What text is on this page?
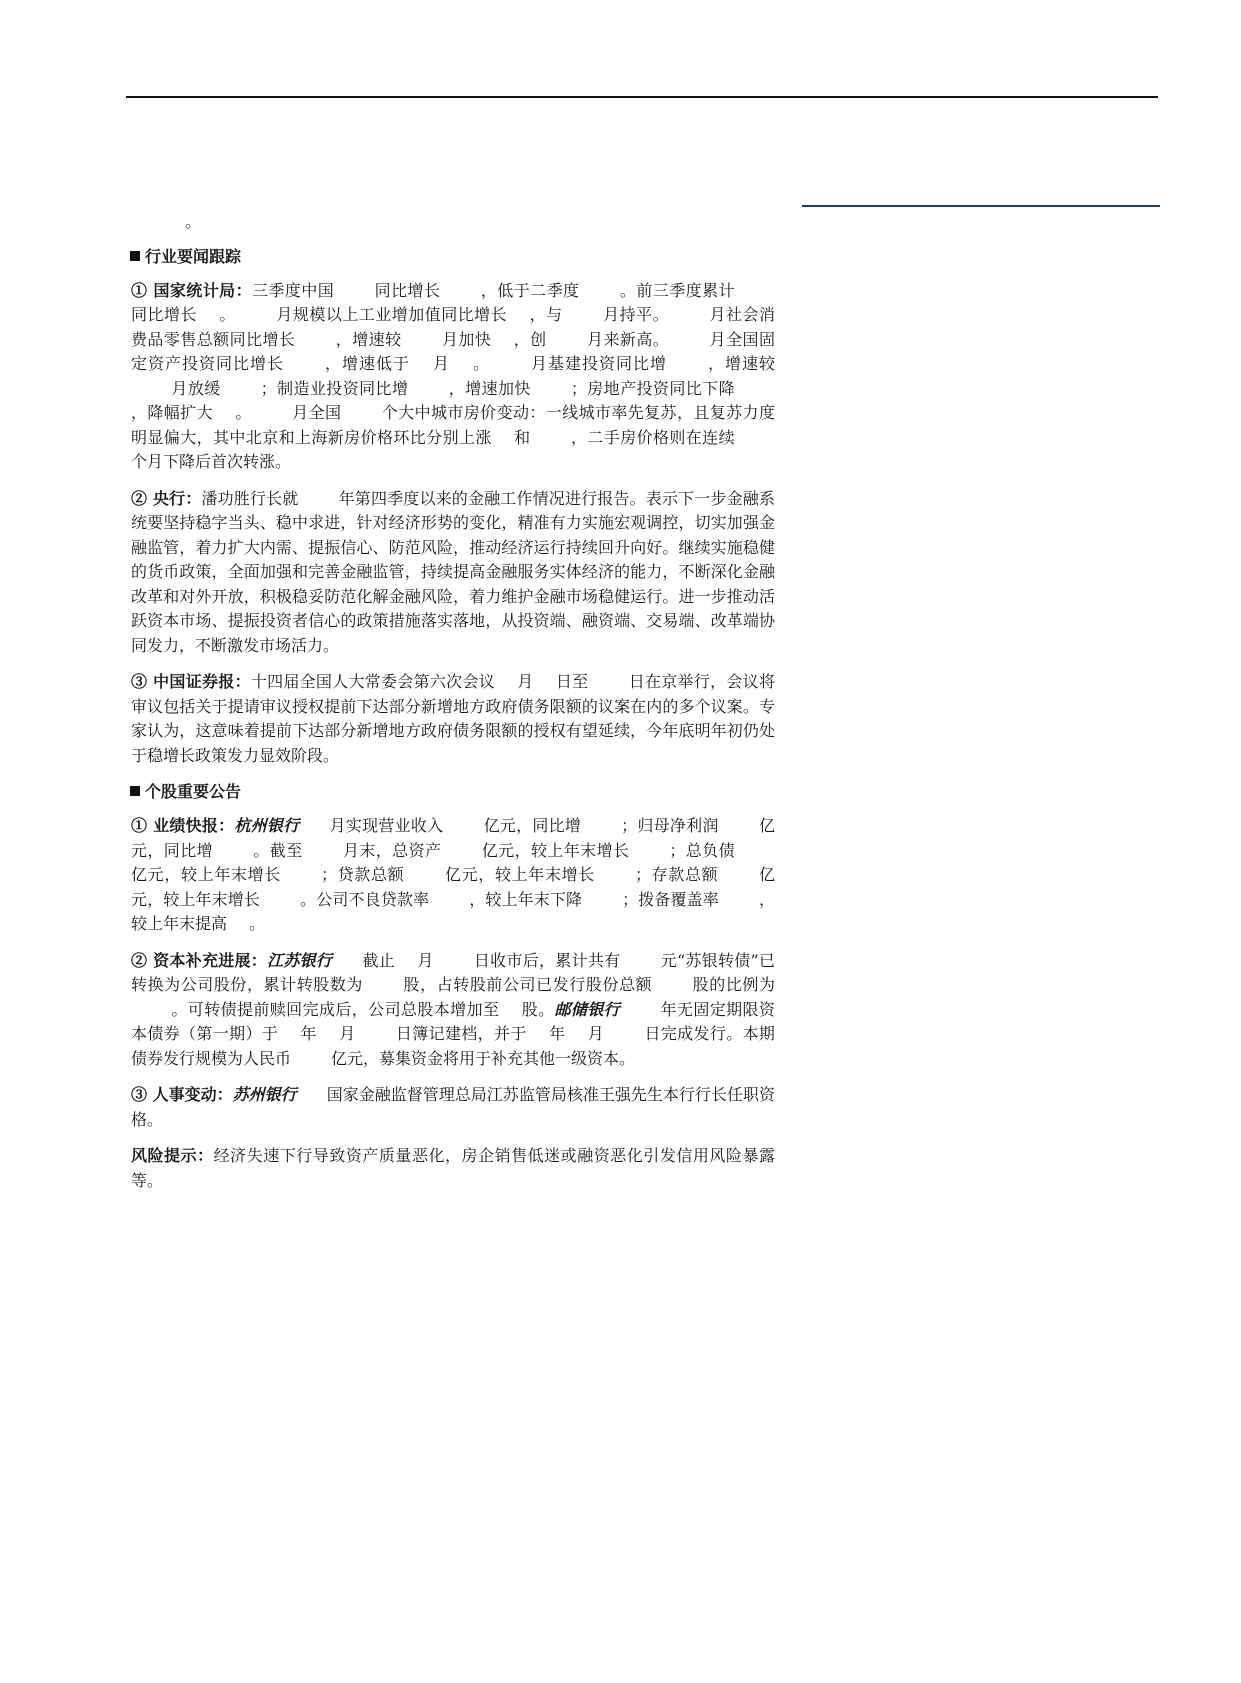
。

行业要闻跟踪

① 国家统计局：三季度中国	同比增长	，低于二季度	。前三季度累计同比增长 。	月规模以上工业增加值同比增长 ，与	月持平。	月社会消费品零售总额同比增长	，增速较	月加快 ，创	月来新高。	月全国固定资产投资同比增长	，增速低于 月 。	月基建投资同比增	，增速较月放缓	；制造业投资同比增	，增速加快	；房地产投资同比下降，降幅扩大 。	月全国	个大中城市房价变动：一线城市率先复苏，且复苏力度明显偏大，其中北京和上海新房价格环比分别上涨 和	，二手房价格则在连续个月下降后首次转涨。

② 央行：潘功胜行长就	年第四季度以来的金融工作情况进行报告。表示下一步金融系统要坚持稳字当头、稳中求进，针对经济形势的变化，精准有力实施宏观调控，切实加强金融监管，着力扩大内需、提振信心、防范风险，推动经济运行持续回升向好。继续实施稳健的货币政策，全面加强和完善金融监管，持续提高金融服务实体经济的能力，不断深化金融改革和对外开放，积极稳妥防范化解金融风险，着力维护金融市场稳健运行。进一步推动活跃资本市场、提振投资者信心的政策措施落实落地，从投资端、融资端、交易端、改革端协同发力，不断激发市场活力。

③ 中国证券报：十四届全国人大常委会第六次会议 月 日至	日在京举行，会议将审议包括关于提请审议授权提前下达部分新增地方政府债务限额的议案在内的多个议案。专家认为，这意味着提前下达部分新增地方政府债务限额的授权有望延续，今年底明年初仍处于稳增长政策发力显效阶段。

个股重要公告

① 业绩快报：杭州银行 月实现营业收入	亿元，同比增	；归母净利润	亿元，同比增	。截至	月末，总资产	亿元，较上年末增长	；总负债亿元，较上年末增长	；贷款总额	亿元，较上年末增长	；存款总额	亿元，较上年末增长	。公司不良贷款率	，较上年末下降	；拨备覆盖率	，较上年末提高 。

② 资本补充进展：江苏银行 截止 月	日收市后，累计共有	元“苏银转债”已转换为公司股份，累计转股数为	股，占转股前公司已发行股份总额	股的比例为。可转债提前赎回完成后，公司总股本增加至 股。邮储银行	年无固定期限资本债券（第一期）于 年 月	日簿记建档，并于 年 月	日完成发行。本期债券发行规模为人民币	亿元，募集资金将用于补充其他一级资本。

③ 人事变动：苏州银行 国家金融监督管理总局江苏监管局核准王强先生本行行长任职资格。

风险提示：经济失速下行导致资产质量恶化，房企销售低迷或融资恶化引发信用风险暴露等。
